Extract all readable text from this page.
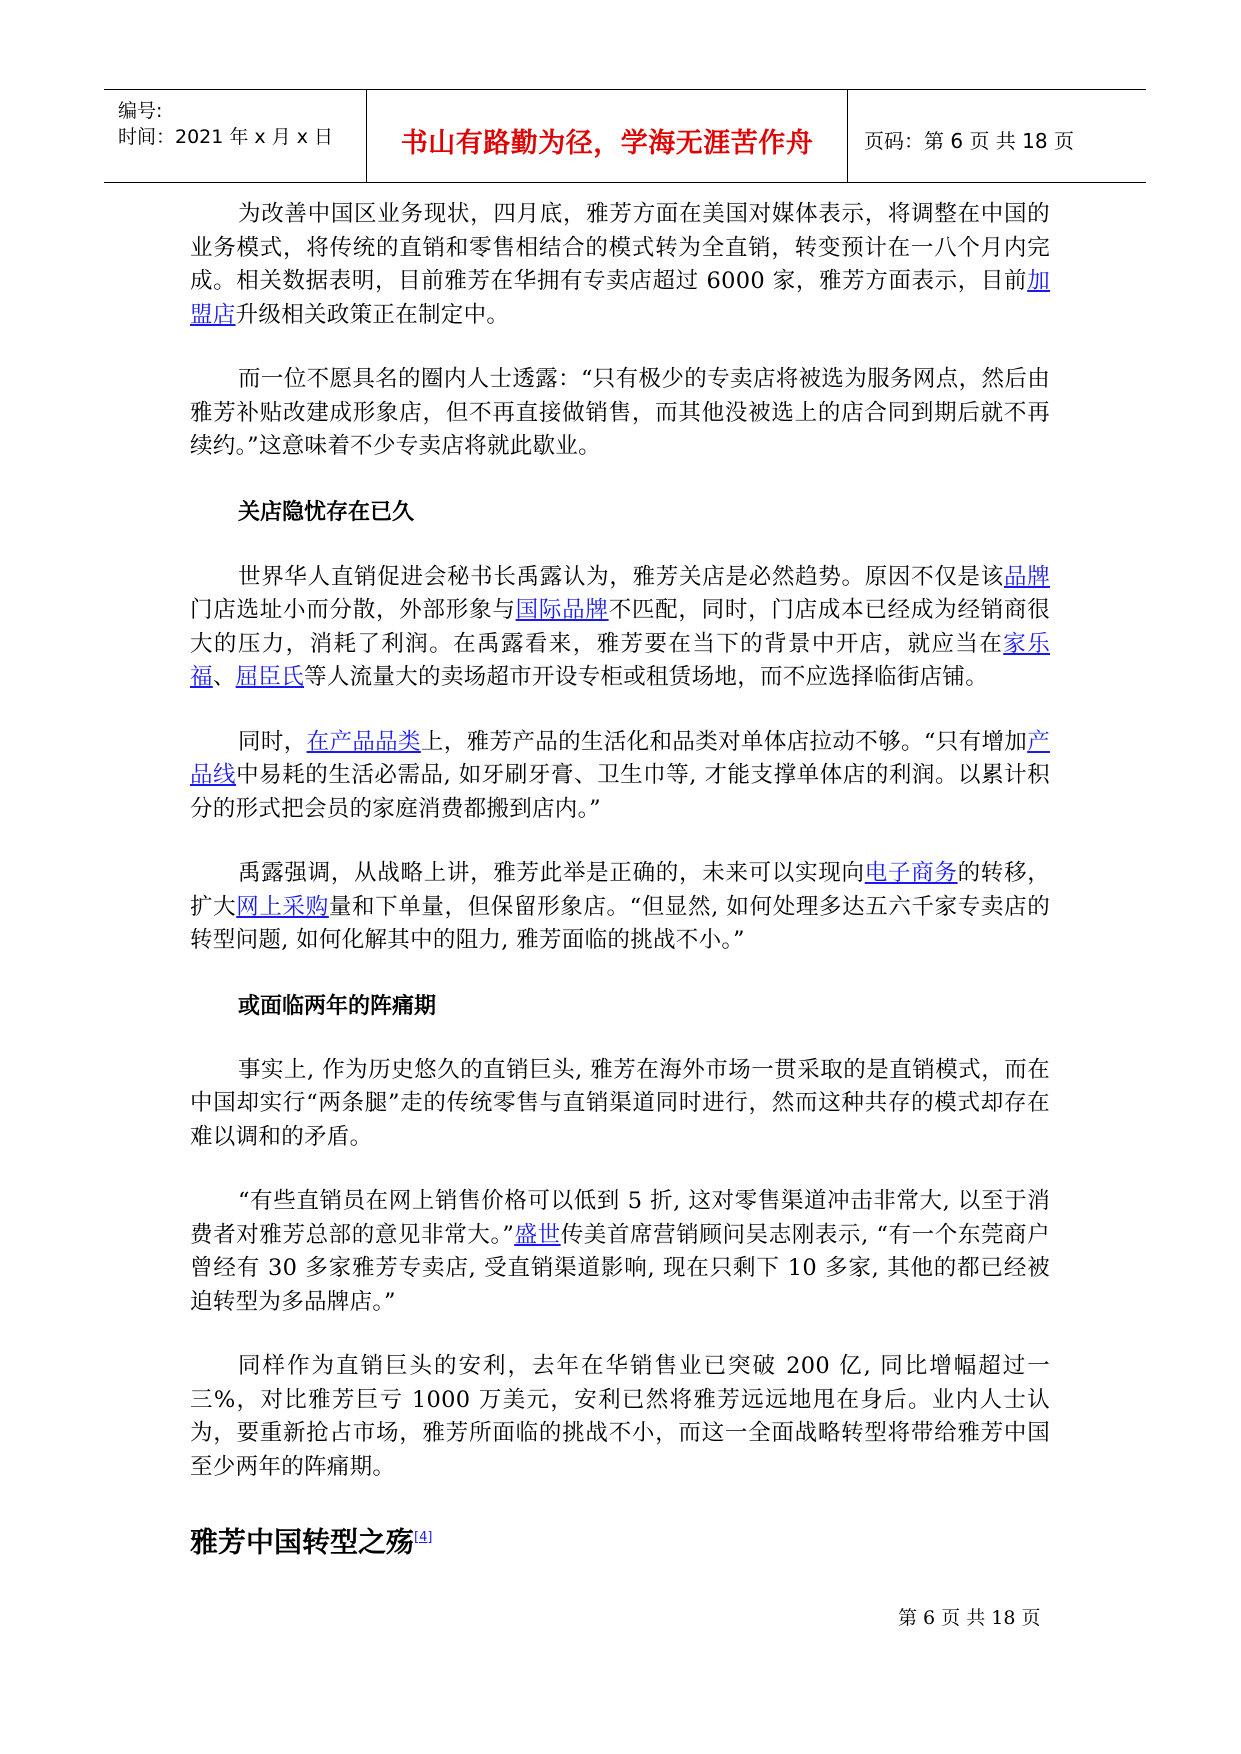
编号:
时间：2021 年 x 月 x 日	书山有路勤为径，学海无涯苦作舟	页码：第 6 页 共 18 页

为改善中国区业务现状，四月底，雅芳方面在美国对媒体表示，将调整在中国的业务模式，将传统的直销和零售相结合的模式转为全直销，转变预计在一八个月内完成。相关数据表明，目前雅芳在华拥有专卖店超过 6000 家，雅芳方面表示，目前加盟店升级相关政策正在制定中。

而一位不愿具名的圈内人士透露：“只有极少的专卖店将被选为服务网点，然后由雅芳补贴改建成形象店，但不再直接做销售，而其他没被选上的店合同到期后就不再续约。”这意味着不少专卖店将就此歇业。

关店隐忧存在已久

世界华人直销促进会秘书长禹露认为，雅芳关店是必然趋势。原因不仅是该品牌门店选址小而分散，外部形象与国际品牌不匹配，同时，门店成本已经成为经销商很大的压力，消耗了利润。在禹露看来，雅芳要在当下的背景中开店，就应当在家乐福、屈臣氏等人流量大的卖场超市开设专柜或租赁场地，而不应选择临街店铺。

同时，在产品品类上，雅芳产品的生活化和品类对单体店拉动不够。“只有增加产品线中易耗的生活必需品, 如牙刷牙膏、卫生巾等, 才能支撑单体店的利润。以累计积分的形式把会员的家庭消费都搬到店内。”

禹露强调，从战略上讲，雅芳此举是正确的，未来可以实现向电子商务的转移，扩大网上采购量和下单量，但保留形象店。“但显然, 如何处理多达五六千家专卖店的转型问题, 如何化解其中的阻力, 雅芳面临的挑战不小。”

或面临两年的阵痛期

事实上, 作为历史悠久的直销巨头, 雅芳在海外市场一贯采取的是直销模式，而在中国却实行“两条腿”走的传统零售与直销渠道同时进行，然而这种共存的模式却存在难以调和的矛盾。

“有些直销员在网上销售价格可以低到 5 折, 这对零售渠道冲击非常大, 以至于消费者对雅芳总部的意见非常大。”盛世传美首席营销顾问吴志刚表示, “有一个东莞商户曾经有 30 多家雅芳专卖店, 受直销渠道影响, 现在只剩下 10 多家, 其他的都已经被迫转型为多品牌店。”

同样作为直销巨头的安利，去年在华销售业已突破 200 亿, 同比增幅超过一三%，对比雅芳巨亏 1000 万美元，安利已然将雅芳远远地甩在身后。业内人士认为，要重新抢占市场，雅芳所面临的挑战不小，而这一全面战略转型将带给雅芳中国至少两年的阵痛期。

雅芳中国转型之殇[4]

第 6 页 共 18 页
